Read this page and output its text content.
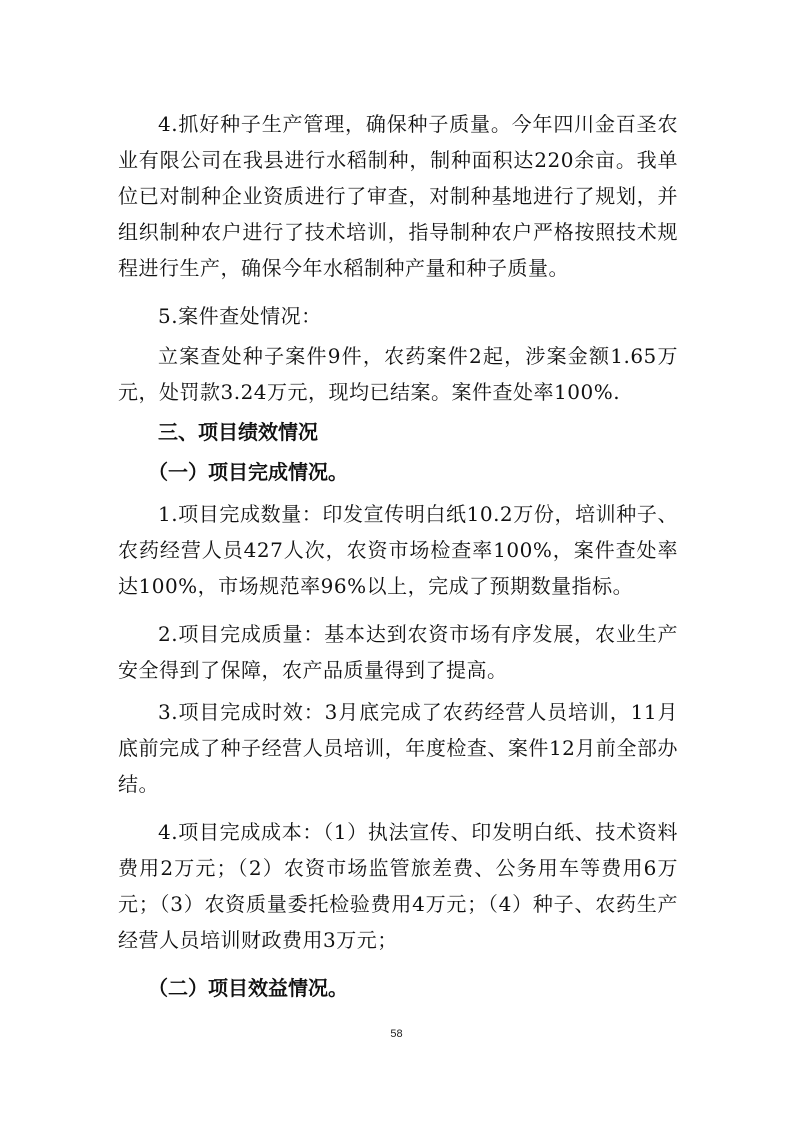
4.抓好种子生产管理，确保种子质量。今年四川金百圣农业有限公司在我县进行水稻制种，制种面积达220余亩。我单位已对制种企业资质进行了审查，对制种基地进行了规划，并组织制种农户进行了技术培训，指导制种农户严格按照技术规程进行生产，确保今年水稻制种产量和种子质量。

5.案件查处情况：

立案查处种子案件9件，农药案件2起，涉案金额1.65万元，处罚款3.24万元，现均已结案。案件查处率100%.

三、项目绩效情况

（一）项目完成情况。

1.项目完成数量：印发宣传明白纸10.2万份，培训种子、农药经营人员427人次，农资市场检查率100%，案件查处率达100%，市场规范率96%以上，完成了预期数量指标。

2.项目完成质量：基本达到农资市场有序发展，农业生产安全得到了保障，农产品质量得到了提高。

3.项目完成时效：3月底完成了农药经营人员培训，11月底前完成了种子经营人员培训，年度检查、案件12月前全部办结。

4.项目完成成本：（1）执法宣传、印发明白纸、技术资料费用2万元；（2）农资市场监管旅差费、公务用车等费用6万元；（3）农资质量委托检验费用4万元；（4）种子、农药生产经营人员培训财政费用3万元；

（二）项目效益情况。

58
